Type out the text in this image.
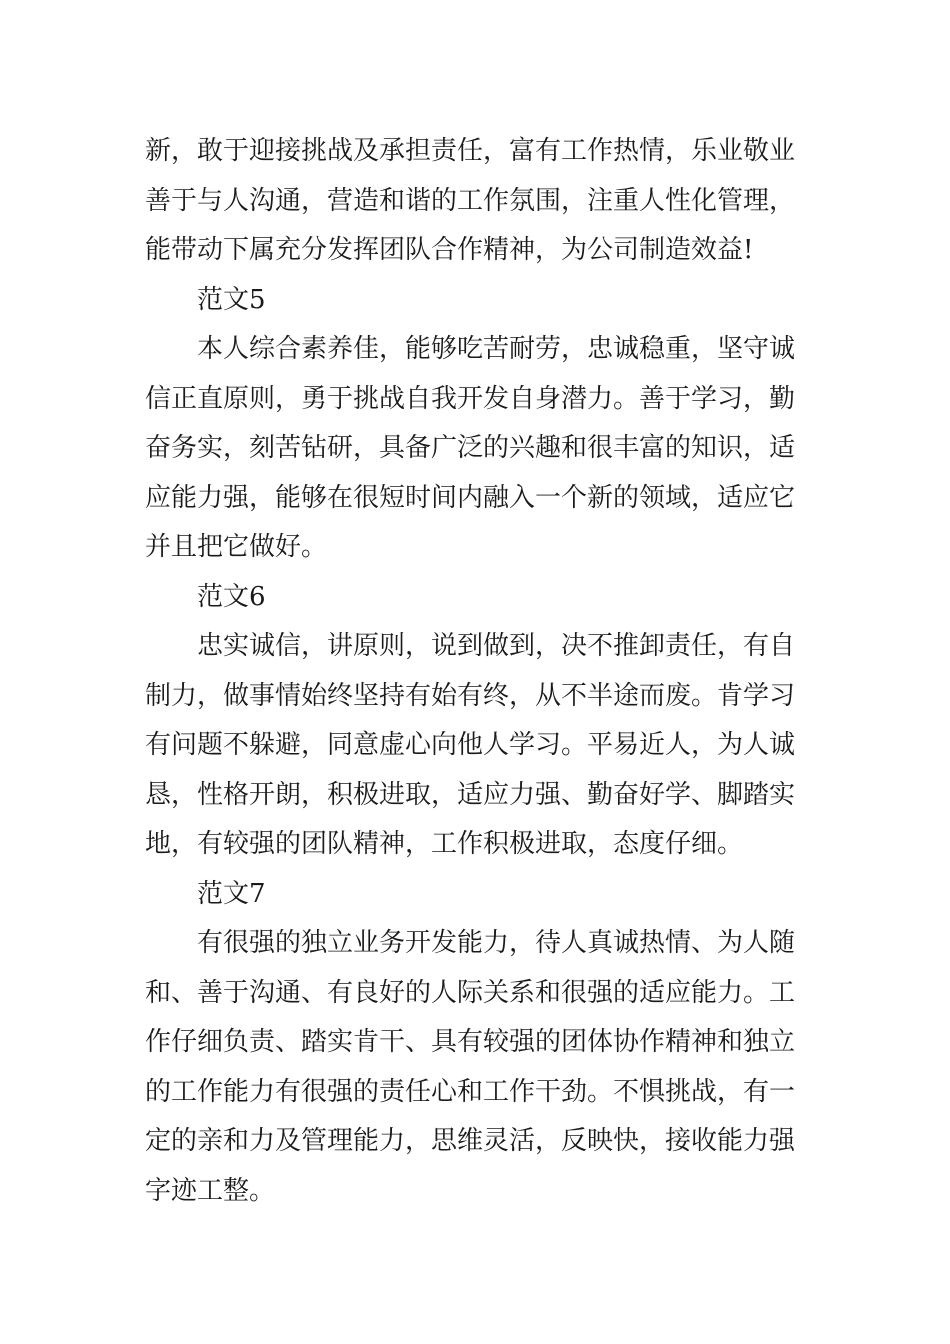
新，敢于迎接挑战及承担责任，富有工作热情，乐业敬业
善于与人沟通，营造和谐的工作氛围，注重人性化管理，
能带动下属充分发挥团队合作精神，为公司制造效益!
范文5
本人综合素养佳，能够吃苦耐劳，忠诚稳重，坚守诚
信正直原则，勇于挑战自我开发自身潜力。善于学习，勤
奋务实，刻苦钻研，具备广泛的兴趣和很丰富的知识，适
应能力强，能够在很短时间内融入一个新的领域，适应它
并且把它做好。
范文6
忠实诚信，讲原则，说到做到，决不推卸责任，有自
制力，做事情始终坚持有始有终，从不半途而废。肯学习
有问题不躲避，同意虚心向他人学习。平易近人，为人诚
恳，性格开朗，积极进取，适应力强、勤奋好学、脚踏实
地，有较强的团队精神，工作积极进取，态度仔细。
范文7
有很强的独立业务开发能力，待人真诚热情、为人随
和、善于沟通、有良好的人际关系和很强的适应能力。工
作仔细负责、踏实肯干、具有较强的团体协作精神和独立
的工作能力有很强的责任心和工作干劲。不惧挑战，有一
定的亲和力及管理能力，思维灵活，反映快，接收能力强
字迹工整。
